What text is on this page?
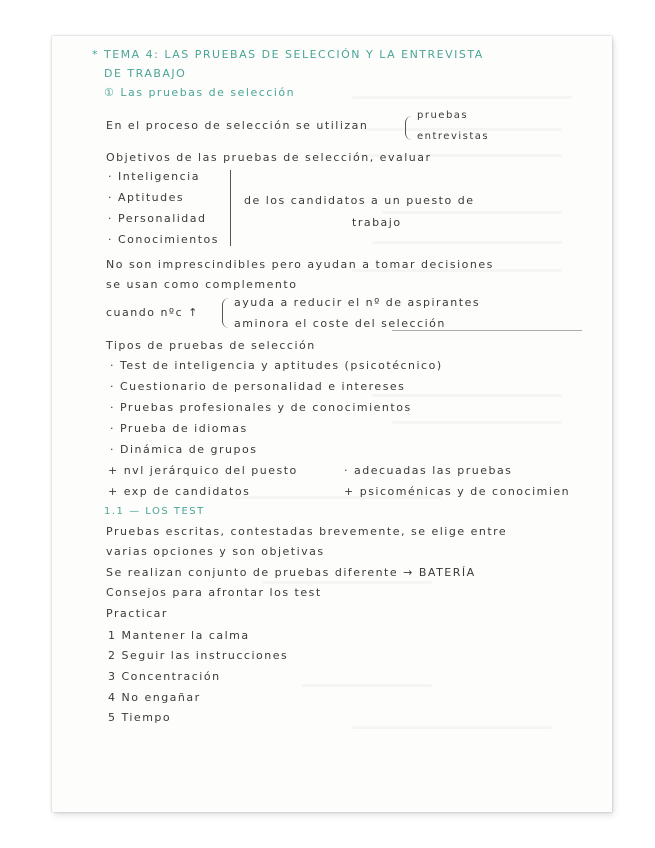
* TEMA 4: LAS PRUEBAS DE SELECCIÓN Y LA ENTREVISTA
DE TRABAJO
① Las pruebas de selección
En el proceso de selección se utilizan
pruebas
entrevistas
Objetivos de las pruebas de selección, evaluar
· Inteligencia
· Aptitudes
· Personalidad
· Conocimientos
de los candidatos a un puesto de
trabajo
No son imprescindibles pero ayudan a tomar decisiones
se usan como complemento
cuando nºc ↑
ayuda a reducir el nº de aspirantes
aminora el coste del selección
Tipos de pruebas de selección
· Test de inteligencia y aptitudes (psicotécnico)
· Cuestionario de personalidad e intereses
· Pruebas profesionales y de conocimientos
· Prueba de idiomas
· Dinámica de grupos
+ nvl jerárquico del puesto	· adecuadas las pruebas
+ exp de candidatos	+ psicoménicas y de conocimien
1.1 — LOS TEST
Pruebas escritas, contestadas brevemente, se elige entre
varias opciones y son objetivas
Se realizan conjunto de pruebas diferente → BATERÍA
Consejos para afrontar los test
Practicar
1 Mantener la calma
2 Seguir las instrucciones
3 Concentración
4 No engañar
5 Tiempo
